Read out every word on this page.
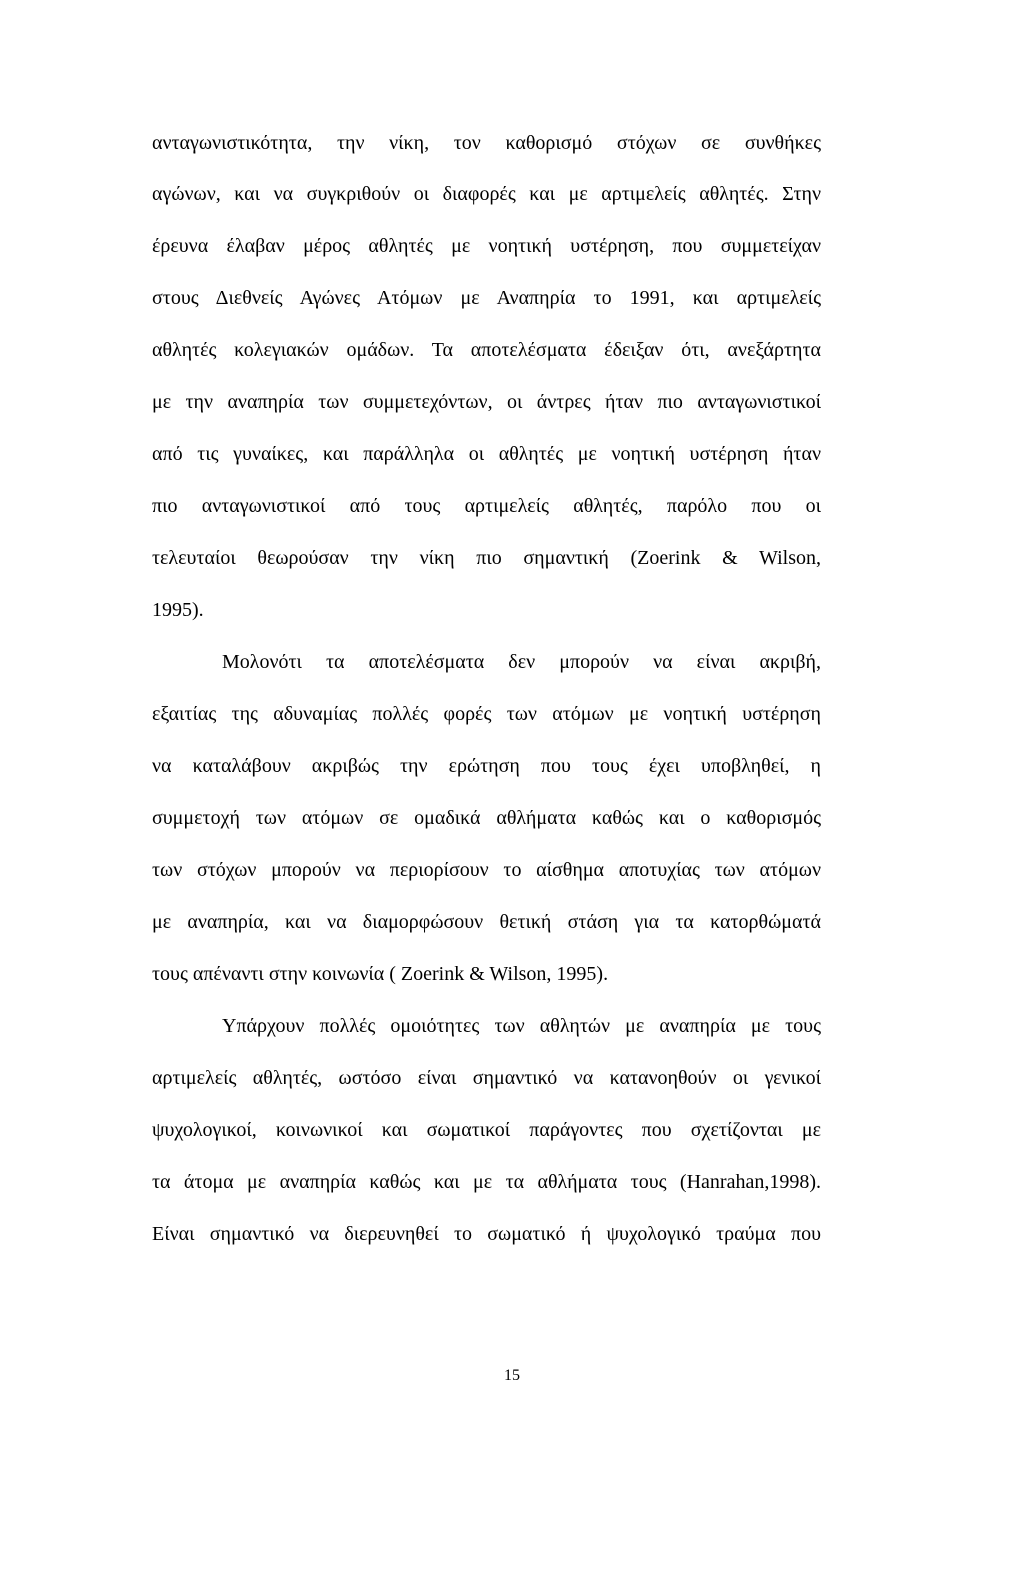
ανταγωνιστικότητα, την νίκη, τον καθορισμό στόχων σε συνθήκες
αγώνων, και να συγκριθούν οι διαφορές και με αρτιμελείς αθλητές. Στην
έρευνα έλαβαν μέρος αθλητές με νοητική υστέρηση, που συμμετείχαν
στους Διεθνείς Αγώνες Ατόμων με Αναπηρία το 1991, και αρτιμελείς
αθλητές κολεγιακών ομάδων. Τα αποτελέσματα έδειξαν ότι, ανεξάρτητα
με την αναπηρία των συμμετεχόντων, οι άντρες ήταν πιο ανταγωνιστικοί
από τις γυναίκες, και παράλληλα οι αθλητές με νοητική υστέρηση ήταν
πιο ανταγωνιστικοί από τους αρτιμελείς αθλητές, παρόλο που οι
τελευταίοι θεωρούσαν την νίκη πιο σημαντική (Zoerink & Wilson,
1995).
Μολονότι τα αποτελέσματα δεν μπορούν να είναι ακριβή,
εξαιτίας της αδυναμίας πολλές φορές των ατόμων με νοητική υστέρηση
να καταλάβουν ακριβώς την ερώτηση που τους έχει υποβληθεί, η
συμμετοχή των ατόμων σε ομαδικά αθλήματα καθώς και ο καθορισμός
των στόχων μπορούν να περιορίσουν το αίσθημα αποτυχίας των ατόμων
με αναπηρία, και να διαμορφώσουν θετική στάση για τα κατορθώματά
τους απέναντι στην κοινωνία ( Zoerink & Wilson, 1995).
Υπάρχουν πολλές ομοιότητες των αθλητών με αναπηρία με τους
αρτιμελείς αθλητές, ωστόσο είναι σημαντικό να κατανοηθούν οι γενικοί
ψυχολογικοί, κοινωνικοί και σωματικοί παράγοντες που σχετίζονται με
τα άτομα με αναπηρία καθώς και με τα αθλήματα τους (Hanrahan,1998).
Είναι σημαντικό να διερευνηθεί το σωματικό ή ψυχολογικό τραύμα που
15
